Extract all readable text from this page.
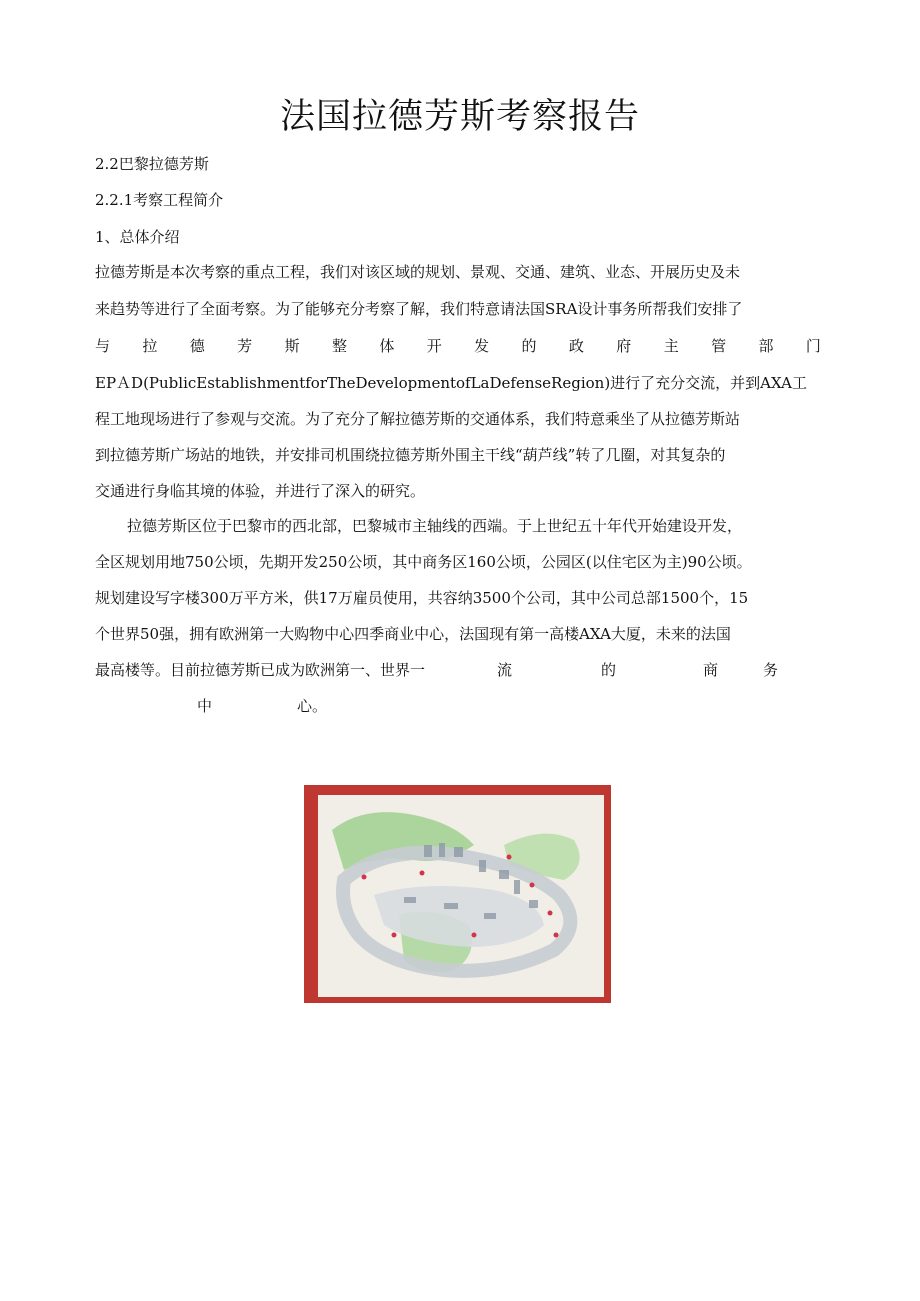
法国拉德芳斯考察报告
2.2巴黎拉德芳斯
2.2.1考察工程简介
1、总体介绍
拉德芳斯是本次考察的重点工程，我们对该区域的规划、景观、交通、建筑、业态、开展历史及未
来趋势等进行了全面考察。为了能够充分考察了解，我们特意请法国SRA设计事务所帮我们安排了
与 拉 德 芳 斯 整 体 开 发 的 政 府 主 管 部 门
EPＡD(PublicEstablishmentforTheDevelopmentofLaDefenseRegion)进行了充分交流，并到AXA工
程工地现场进行了参观与交流。为了充分了解拉德芳斯的交通体系，我们特意乘坐了从拉德芳斯站
到拉德芳斯广场站的地铁，并安排司机围绕拉德芳斯外围主干线“葫芦线”转了几圈，对其复杂的
交通进行身临其境的体验，并进行了深入的研究。
拉德芳斯区位于巴黎市的西北部，巴黎城市主轴线的西端。于上世纪五十年代开始建设开发，
全区规划用地750公顷，先期开发250公顷，其中商务区160公顷，公园区(以住宅区为主)90公顷。
规划建设写字楼300万平方米，供17万雇员使用，共容纳3500个公司，其中公司总部1500个，15
个世界50强，拥有欧洲第一大购物中心四季商业中心，法国现有第一高楼AXA大厦，未来的法国
最高楼等。目前拉德芳斯已成为欧洲第一、世界一	流	的	商	务
中	心。
